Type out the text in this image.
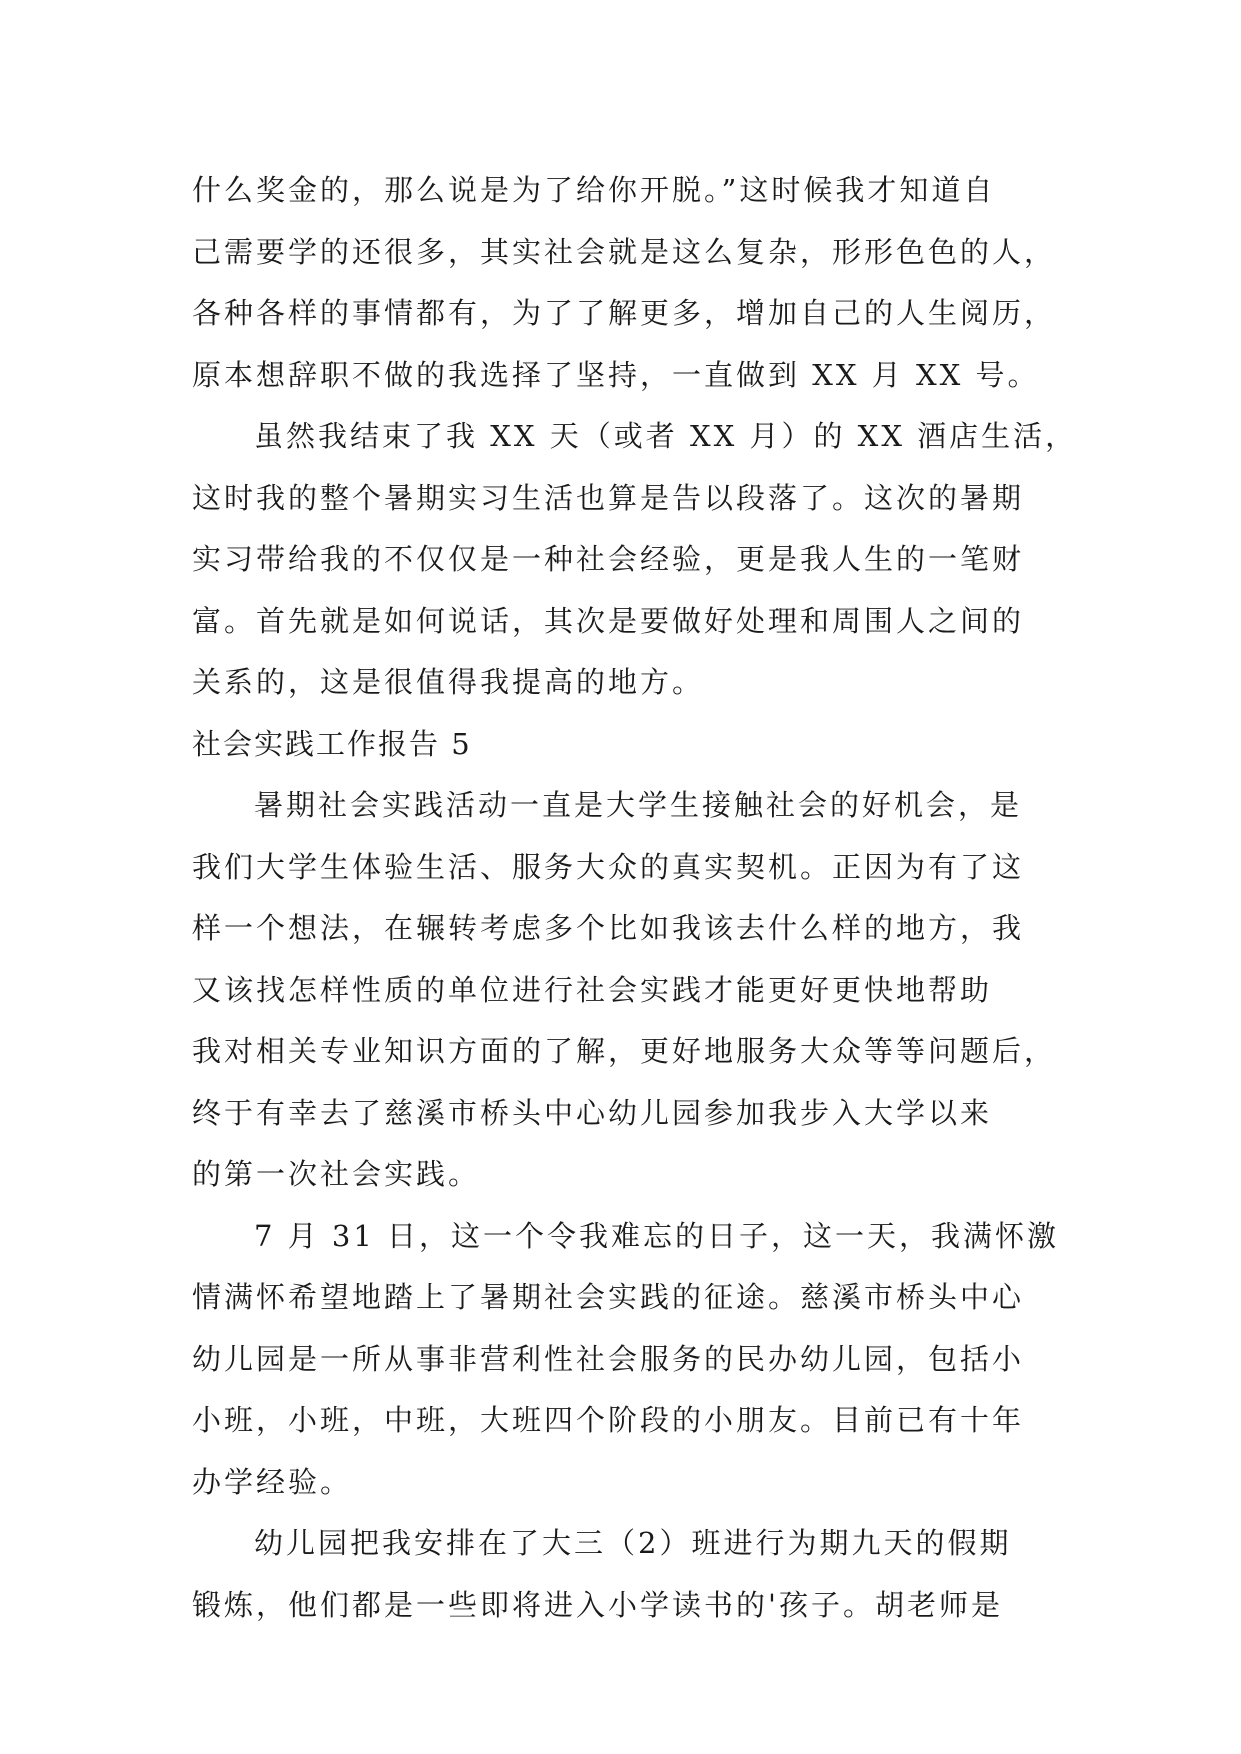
什么奖金的，那么说是为了给你开脱。”这时候我才知道自
己需要学的还很多，其实社会就是这么复杂，形形色色的人，
各种各样的事情都有，为了了解更多，增加自己的人生阅历，
原本想辞职不做的我选择了坚持，一直做到 XX 月 XX 号。
虽然我结束了我 XX 天（或者 XX 月）的 XX 酒店生活，
这时我的整个暑期实习生活也算是告以段落了。这次的暑期
实习带给我的不仅仅是一种社会经验，更是我人生的一笔财
富。首先就是如何说话，其次是要做好处理和周围人之间的
关系的，这是很值得我提高的地方。
社会实践工作报告 5
暑期社会实践活动一直是大学生接触社会的好机会，是
我们大学生体验生活、服务大众的真实契机。正因为有了这
样一个想法，在辗转考虑多个比如我该去什么样的地方，我
又该找怎样性质的单位进行社会实践才能更好更快地帮助
我对相关专业知识方面的了解，更好地服务大众等等问题后，
终于有幸去了慈溪市桥头中心幼儿园参加我步入大学以来
的第一次社会实践。
7 月 31 日，这一个令我难忘的日子，这一天，我满怀激
情满怀希望地踏上了暑期社会实践的征途。慈溪市桥头中心
幼儿园是一所从事非营利性社会服务的民办幼儿园，包括小
小班，小班，中班，大班四个阶段的小朋友。目前已有十年
办学经验。
幼儿园把我安排在了大三（2）班进行为期九天的假期
锻炼，他们都是一些即将进入小学读书的'孩子。胡老师是
